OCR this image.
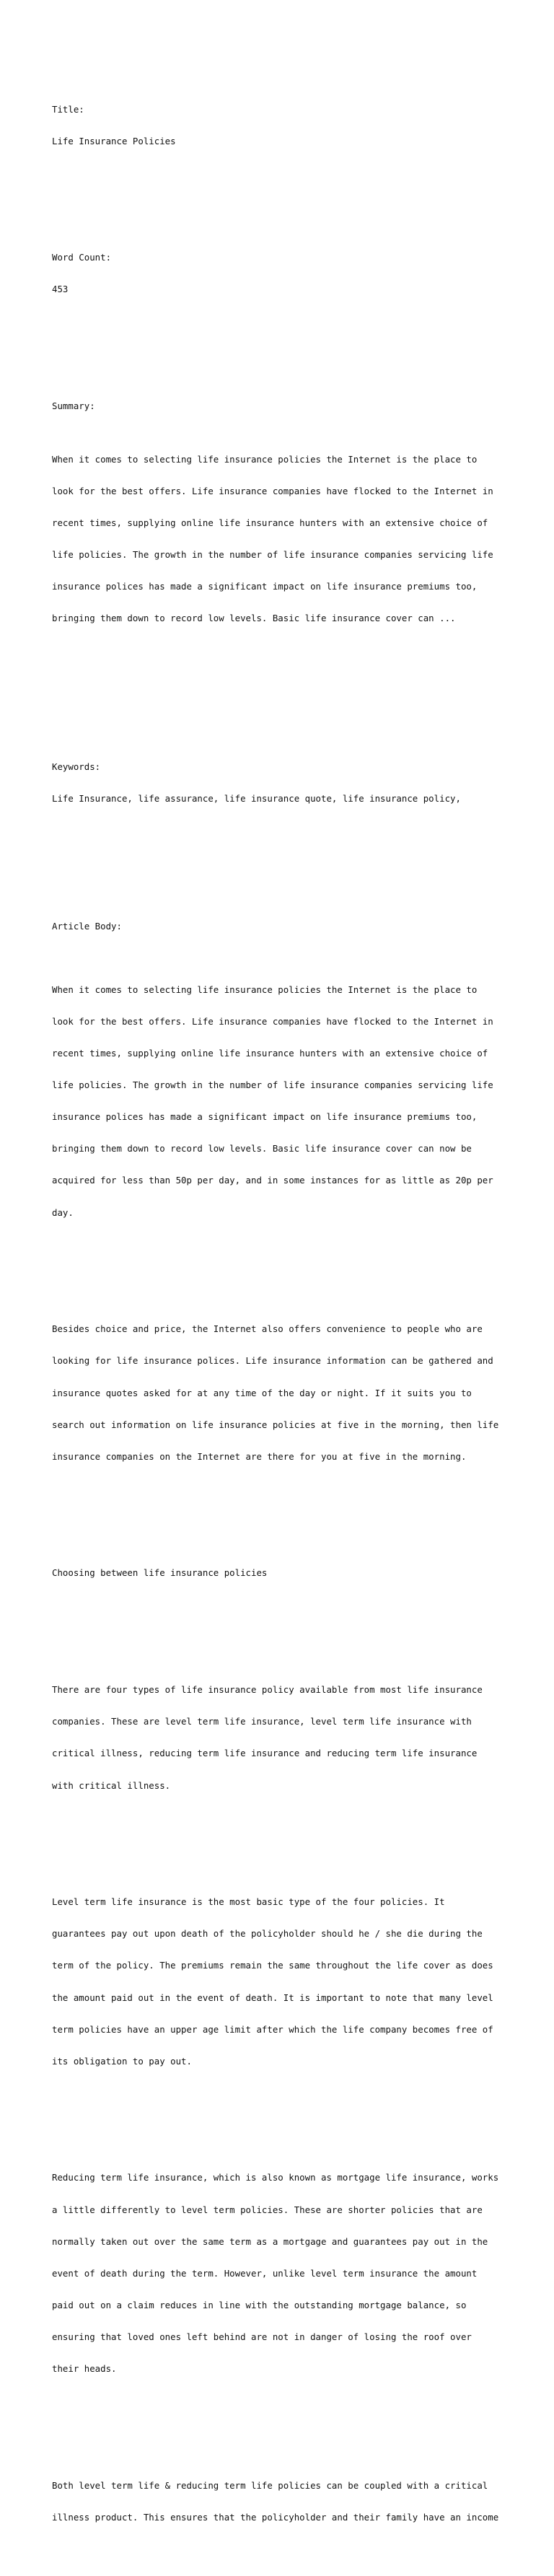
Title:

Life Insurance Policies

Word Count:

453

Summary:

When it comes to selecting life insurance policies the Internet is the place to

look for the best offers. Life insurance companies have flocked to the Internet in

recent times, supplying online life insurance hunters with an extensive choice of

life policies. The growth in the number of life insurance companies servicing life

insurance polices has made a significant impact on life insurance premiums too,

bringing them down to record low levels. Basic life insurance cover can ...

Keywords:

Life Insurance, life assurance, life insurance quote, life insurance policy,

Article Body:

When it comes to selecting life insurance policies the Internet is the place to

look for the best offers. Life insurance companies have flocked to the Internet in

recent times, supplying online life insurance hunters with an extensive choice of

life policies. The growth in the number of life insurance companies servicing life

insurance polices has made a significant impact on life insurance premiums too,

bringing them down to record low levels. Basic life insurance cover can now be

acquired for less than 50p per day, and in some instances for as little as 20p per

day.

Besides choice and price, the Internet also offers convenience to people who are

looking for life insurance polices. Life insurance information can be gathered and

insurance quotes asked for at any time of the day or night. If it suits you to

search out information on life insurance policies at five in the morning, then life

insurance companies on the Internet are there for you at five in the morning.

Choosing between life insurance policies

There are four types of life insurance policy available from most life insurance

companies. These are level term life insurance, level term life insurance with

critical illness, reducing term life insurance and reducing term life insurance

with critical illness.

Level term life insurance is the most basic type of the four policies. It

guarantees pay out upon death of the policyholder should he / she die during the

term of the policy. The premiums remain the same throughout the life cover as does

the amount paid out in the event of death. It is important to note that many level

term policies have an upper age limit after which the life company becomes free of

its obligation to pay out.

Reducing term life insurance, which is also known as mortgage life insurance, works

a little differently to level term policies. These are shorter policies that are

normally taken out over the same term as a mortgage and guarantees pay out in the

event of death during the term. However, unlike level term insurance the amount

paid out on a claim reduces in line with the outstanding mortgage balance, so

ensuring that loved ones left behind are not in danger of losing the roof over

their heads.

Both level term life & reducing term life policies can be coupled with a critical

illness product. This ensures that the policyholder and their family have an income
